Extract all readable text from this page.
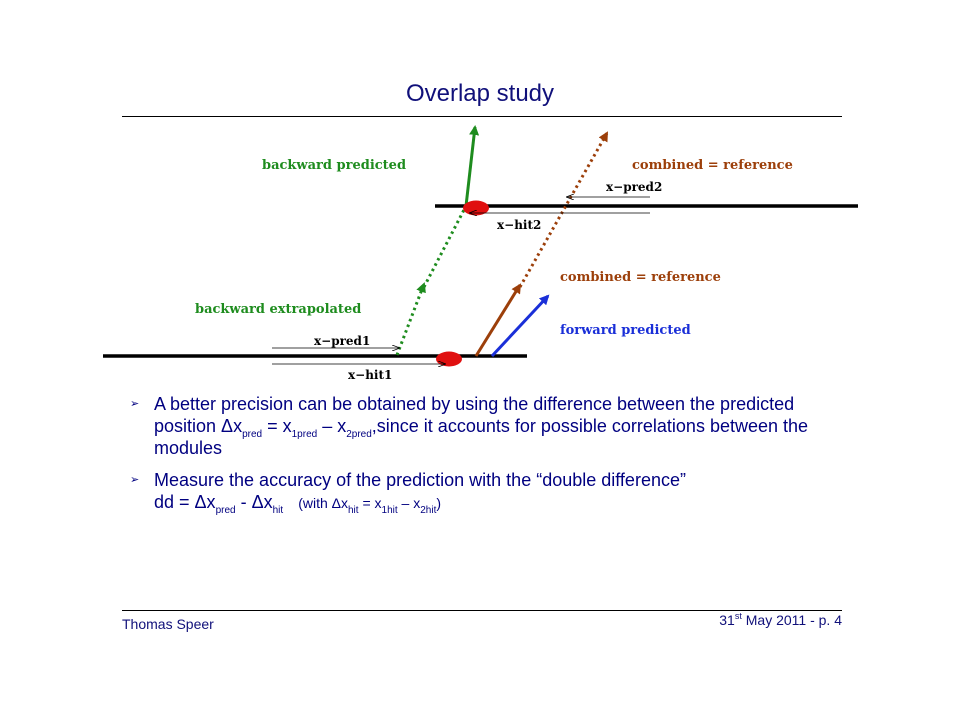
Overlap study
backward predicted	combined = reference
x−pred2
x−hit2
combined = reference
backward extrapolated
forward predicted
x−pred1
x−hit1
➢ A better precision can be obtained by using the difference between the predicted position $\Delta x_{pred} = x_{1pred}$ – $x_{2pred},since$ it accounts for possible correlations between the modules
➢ Measure the accuracy of the prediction with the “double difference”
dd = $\Delta x_{pred} - \Delta x_{hit}$ (with $\Delta x_{hit} = x_{1hit} - x_{2hit}$)
Thomas Speer	31st May 2011 - p. 4
